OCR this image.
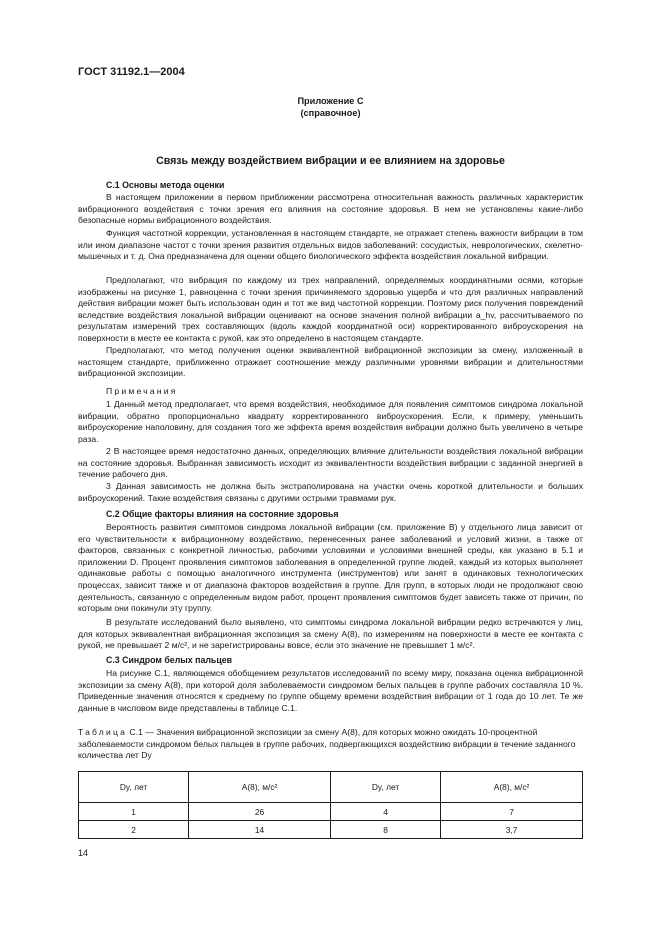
ГОСТ 31192.1—2004
Приложение С
(справочное)
Связь между воздействием вибрации и ее влиянием на здоровье
С.1 Основы метода оценки
В настоящем приложении в первом приближении рассмотрена относительная важность различных характеристик вибрационного воздействия с точки зрения его влияния на состояние здоровья. В нем не установлены какие-либо безопасные нормы вибрационного воздействия.
Функция частотной коррекции, установленная в настоящем стандарте, не отражает степень важности вибрации в том или ином диапазоне частот с точки зрения развития отдельных видов заболеваний: сосудистых, неврологических, скелетно-мышечных и т. д. Она предназначена для оценки общего биологического эффекта воздействия локальной вибрации.
Предполагают, что вибрация по каждому из трех направлений, определяемых координатными осями, которые изображены на рисунке 1, равноценна с точки зрения причиняемого здоровью ущерба и что для различных направлений действия вибрации может быть использован один и тот же вид частотной коррекции. Поэтому риск получения повреждений вследствие воздействия локальной вибрации оценивают на основе значения полной вибрации a_hv, рассчитываемого по результатам измерений трех составляющих (вдоль каждой координатной оси) корректированного виброускорения на поверхности в месте ее контакта с рукой, как это определено в настоящем стандарте.
Предполагают, что метод получения оценки эквивалентной вибрационной экспозиции за смену, изложенный в настоящем стандарте, приближенно отражает соотношение между различными уровнями вибрации и длительностями вибрационной экспозиции.
Примечания
1 Данный метод предполагает, что время воздействия, необходимое для появления симптомов синдрома локальной вибрации, обратно пропорционально квадрату корректированного виброускорения. Если, к примеру, уменьшить виброускорение наполовину, для создания того же эффекта время воздействия вибрации должно быть увеличено в четыре раза.
2 В настоящее время недостаточно данных, определяющих влияние длительности воздействия локальной вибрации на состояние здоровья. Выбранная зависимость исходит из эквивалентности воздействия вибрации с заданной энергией в течение рабочего дня.
3 Данная зависимость не должна быть экстраполирована на участки очень короткой длительности и больших виброускорений. Такие воздействия связаны с другими острыми травмами рук.
С.2 Общие факторы влияния на состояние здоровья
Вероятность развития симптомов синдрома локальной вибрации (см. приложение В) у отдельного лица зависит от его чувствительности к вибрационному воздействию, перенесенных ранее заболеваний и условий жизни, а также от факторов, связанных с конкретной личностью, рабочими условиями и условиями внешней среды, как указано в 5.1 и приложении D. Процент проявления симптомов заболевания в определенной группе людей, каждый из которых выполняет одинаковые работы с помощью аналогичного инструмента (инструментов) или занят в одинаковых технологических процессах, зависит также и от диапазона факторов воздействия в группе. Для групп, в которых люди не продолжают свою деятельность, связанную с определенным видом работ, процент проявления симптомов будет зависеть также от причин, по которым они покинули эту группу.
В результате исследований было выявлено, что симптомы синдрома локальной вибрации редко встречаются у лиц, для которых эквивалентная вибрационная экспозиция за смену A(8), по измерениям на поверхности в месте ее контакта с рукой, не превышает 2 м/с², и не зарегистрированы вовсе, если это значение не превышает 1 м/с².
С.3 Синдром белых пальцев
На рисунке С.1, являющемся обобщением результатов исследований по всему миру, показана оценка вибрационной экспозиции за смену A(8), при которой доля заболеваемости синдромом белых пальцев в группе рабочих составляла 10 %. Приведенные значения относятся к среднему по группе общему времени воздействия вибрации от 1 года до 10 лет. Те же данные в числовом виде представлены в таблице С.1.
Таблица С.1 — Значения вибрационной экспозиции за смену A(8), для которых можно ожидать 10-процентной заболеваемости синдромом белых пальцев в группе рабочих, подвергающихся воздействию вибрации в течение заданного количества лет Dy
Dy, лет	A(8), м/с²	Dy, лет	A(8), м/с²
1	26	4	7
2	14	8	3,7
14
